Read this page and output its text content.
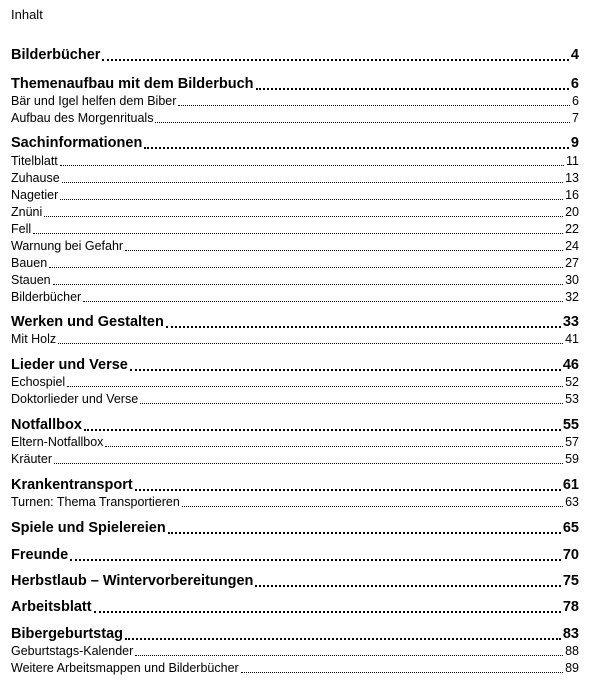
Inhalt
Bilderbücher	4
Themenaufbau mit dem Bilderbuch	6
Bär und Igel helfen dem Biber	6
Aufbau des Morgenrituals	7
Sachinformationen	9
Titelblatt	11
Zuhause	13
Nagetier	16
Znüni	20
Fell	22
Warnung bei Gefahr	24
Bauen	27
Stauen	30
Bilderbücher	32
Werken und Gestalten	33
Mit Holz	41
Lieder und Verse	46
Echospiel	52
Doktorlieder und Verse	53
Notfallbox	55
Eltern-Notfallbox	57
Kräuter	59
Krankentransport	61
Turnen: Thema Transportieren	63
Spiele und Spielereien	65
Freunde	70
Herbstlaub – Wintervorbereitungen	75
Arbeitsblatt	78
Bibergeburtstag	83
Geburtstags-Kalender	88
Weitere Arbeitsmappen und Bilderbücher	89
